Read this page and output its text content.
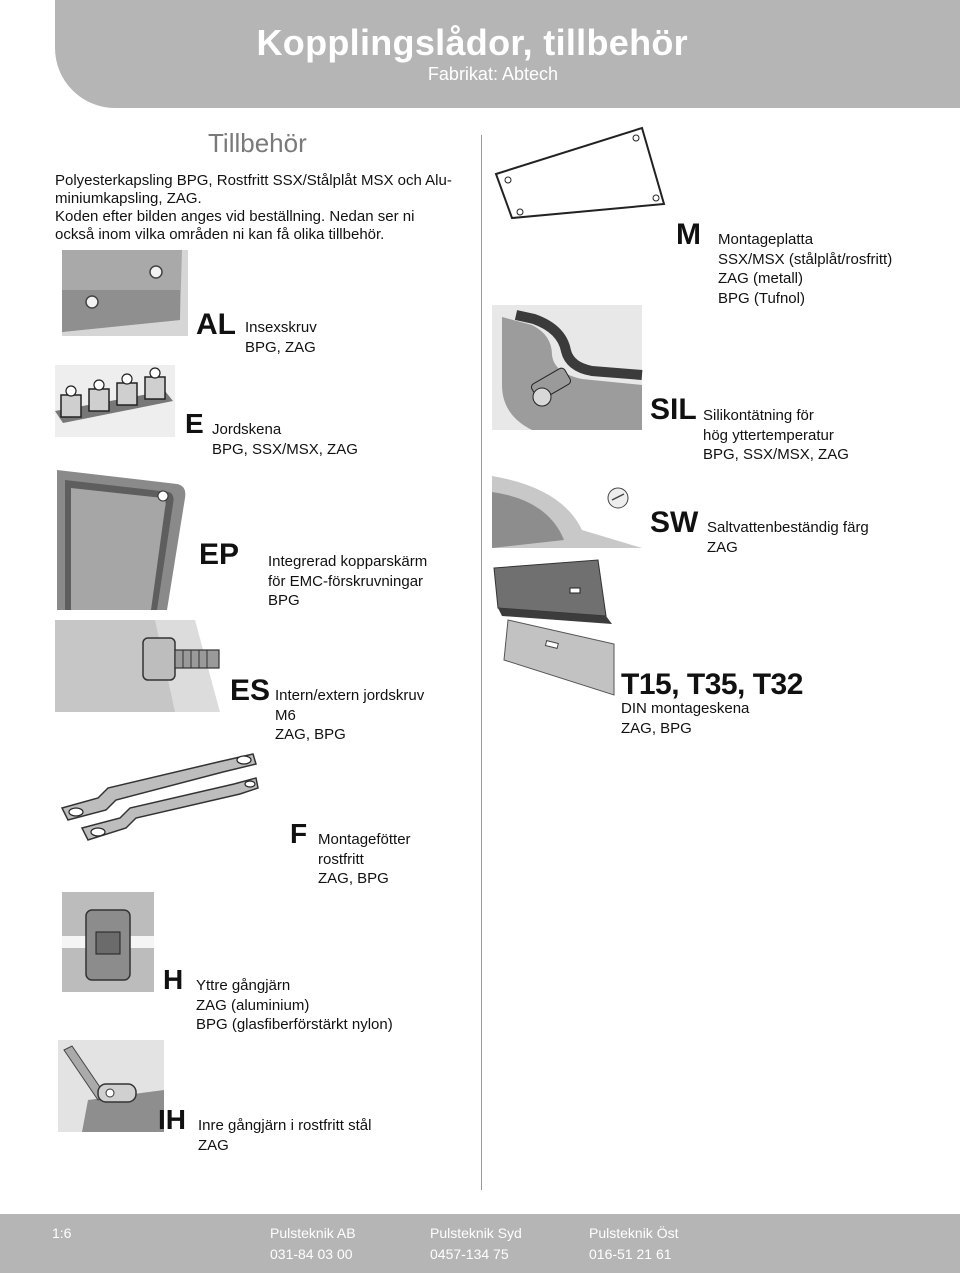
Kopplingslådor, tillbehör
Fabrikat: Abtech
Tillbehör
Polyesterkapsling BPG, Rostfritt SSX/Stålplåt MSX och Alu-
miniumkapsling, ZAG.
Koden efter bilden anges vid beställning. Nedan ser ni
också inom vilka områden ni kan få olika tillbehör.
AL Insexskruv
BPG, ZAG
E Jordskena
BPG, SSX/MSX, ZAG
EP Integrerad kopparskärm
för EMC-förskruvningar
BPG
ES Intern/extern jordskruv
M6
ZAG, BPG
F Montagefötter
rostfritt
ZAG, BPG
H Yttre gångjärn
ZAG (aluminium)
BPG (glasfiberförstärkt nylon)
IH Inre gångjärn i rostfritt stål
ZAG
M Montageplatta
SSX/MSX (stålplåt/rosfritt)
ZAG (metall)
BPG (Tufnol)
SIL Silikontätning för
hög yttertemperatur
BPG, SSX/MSX, ZAG
SW Saltvattenbeständig färg
ZAG
T15, T35, T32
DIN montageskena
ZAG, BPG
1:6	Pulsteknik AB
031-84 03 00
Pulsteknik Syd
0457-134 75
Pulsteknik Öst
016-51 21 61
